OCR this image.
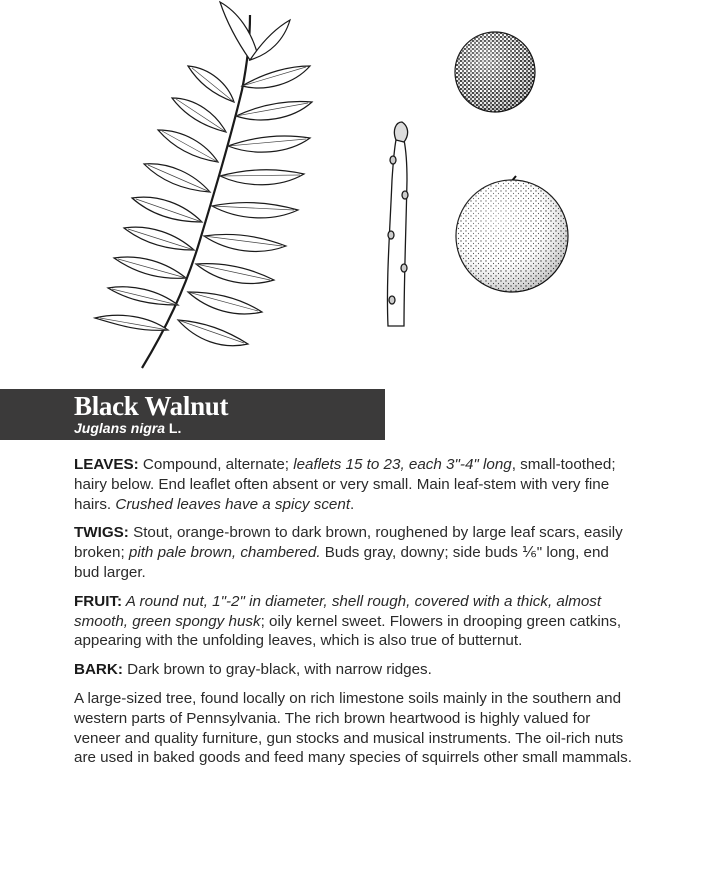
Black Walnut
Juglans nigra L.

LEAVES: Compound, alternate; leaflets 15 to 23, each 3"-4" long, small-toothed; hairy below. End leaflet often absent or very small. Main leaf-stem with very fine hairs. Crushed leaves have a spicy scent.

TWIGS: Stout, orange-brown to dark brown, roughened by large leaf scars, easily broken; pith pale brown, chambered. Buds gray, downy; side buds ⅙" long, end bud larger.

FRUIT: A round nut, 1"-2" in diameter, shell rough, covered with a thick, almost smooth, green spongy husk; oily kernel sweet. Flowers in drooping green catkins, appearing with the unfolding leaves, which is also true of butternut.

BARK: Dark brown to gray-black, with narrow ridges.

A large-sized tree, found locally on rich limestone soils mainly in the southern and western parts of Pennsylvania. The rich brown heartwood is highly valued for veneer and quality furniture, gun stocks and musical instruments. The oil-rich nuts are used in baked goods and feed many species of squirrels other small mammals.
